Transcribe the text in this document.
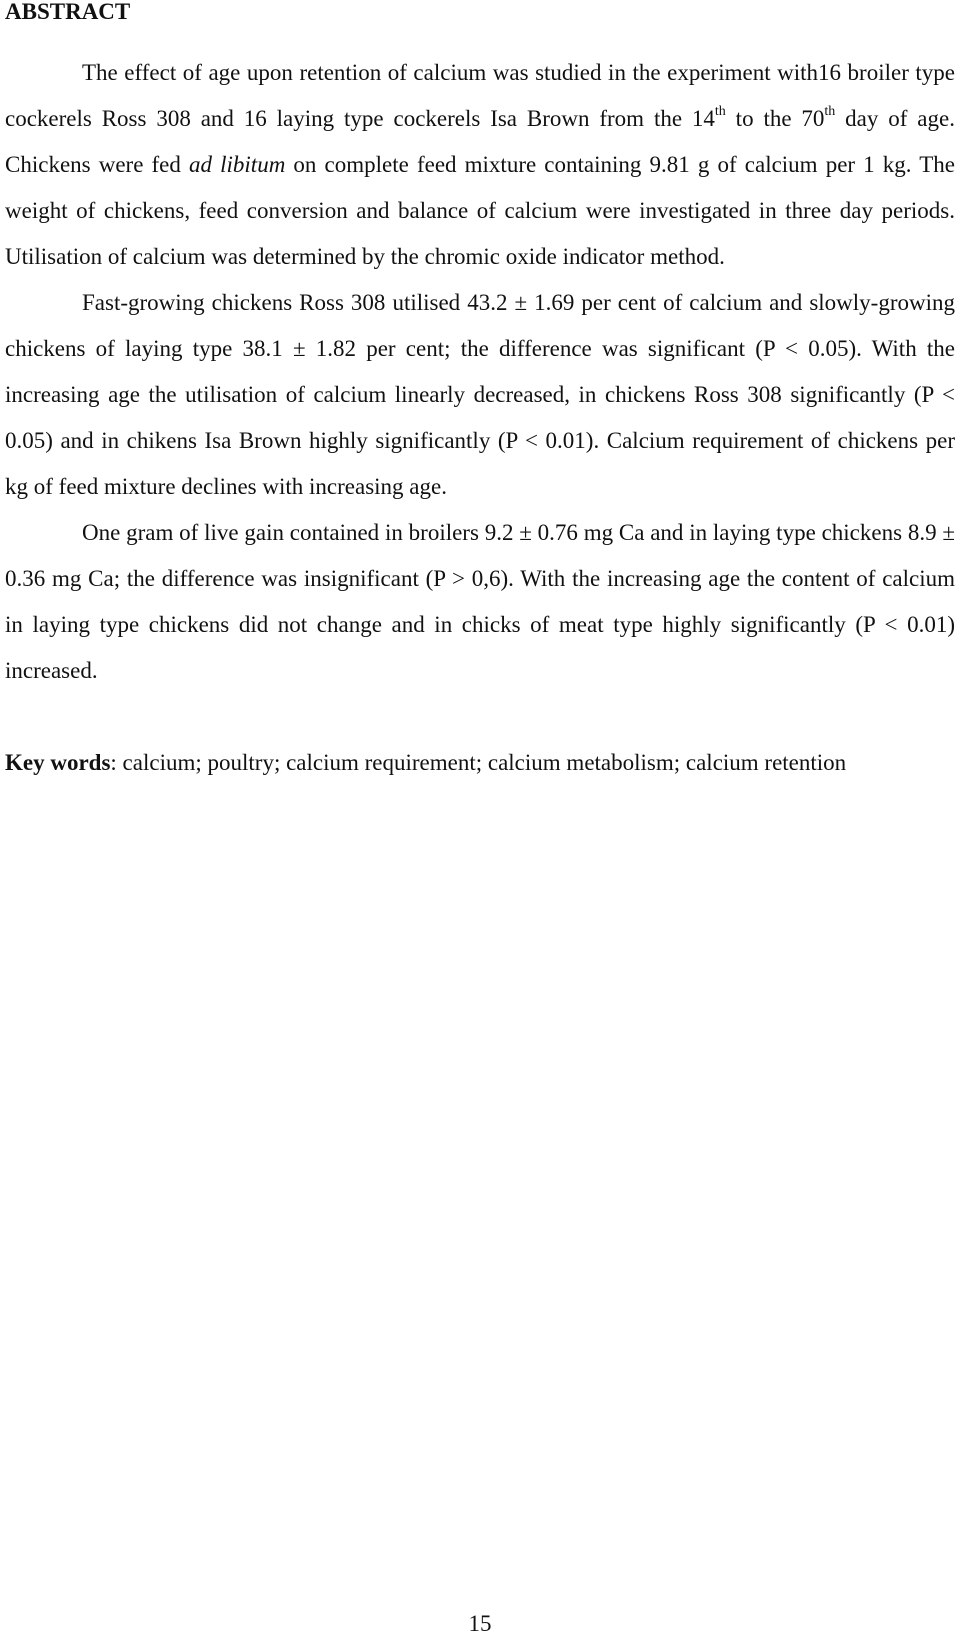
ABSTRACT

The effect of age upon retention of calcium was studied in the experiment with16 broiler type cockerels Ross 308 and 16 laying type cockerels Isa Brown from the 14th to the 70th day of age. Chickens were fed ad libitum on complete feed mixture containing 9.81 g of calcium per 1 kg. The weight of chickens, feed conversion and balance of calcium were investigated in three day periods. Utilisation of calcium was determined by the chromic oxide indicator method.

Fast-growing chickens Ross 308 utilised 43.2 ± 1.69 per cent of calcium and slowly-growing chickens of laying type 38.1 ± 1.82 per cent; the difference was significant (P < 0.05). With the increasing age the utilisation of calcium linearly decreased, in chickens Ross 308 significantly (P < 0.05) and in chikens Isa Brown highly significantly (P < 0.01). Calcium requirement of chickens per kg of feed mixture declines with increasing age.

One gram of live gain contained in broilers 9.2 ± 0.76 mg Ca and in laying type chickens 8.9 ± 0.36 mg Ca; the difference was insignificant (P > 0,6). With the increasing age the content of calcium in laying type chickens did not change and in chicks of meat type highly significantly (P < 0.01) increased.

Key words: calcium; poultry; calcium requirement; calcium metabolism; calcium retention

15
